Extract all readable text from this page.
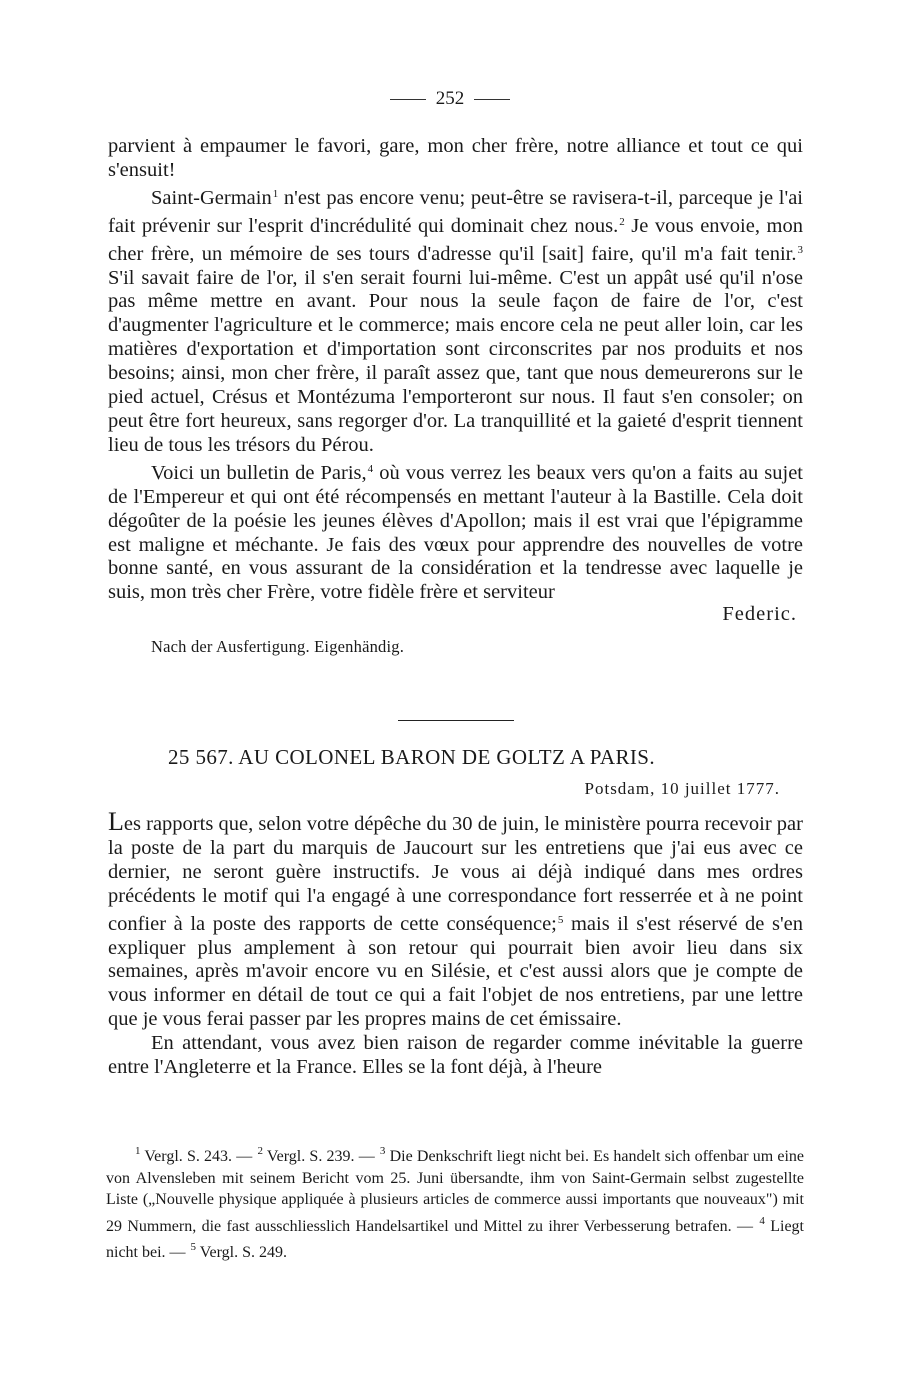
252

parvient à empaumer le favori, gare, mon cher frère, notre alliance et tout ce qui s'ensuit!

Saint-Germain$^1$ n'est pas encore venu; peut-être se ravisera-t-il, parceque je l'ai fait prévenir sur l'esprit d'incrédulité qui dominait chez nous.$^2$ Je vous envoie, mon cher frère, un mémoire de ses tours d'adresse qu'il [sait] faire, qu'il m'a fait tenir.$^3$ S'il savait faire de l'or, il s'en serait fourni lui-même. C'est un appât usé qu'il n'ose pas même mettre en avant. Pour nous la seule façon de faire de l'or, c'est d'augmenter l'agriculture et le commerce; mais encore cela ne peut aller loin, car les matières d'exportation et d'importation sont circonscrites par nos produits et nos besoins; ainsi, mon cher frère, il paraît assez que, tant que nous demeurerons sur le pied actuel, Crésus et Montézuma l'emporteront sur nous. Il faut s'en consoler; on peut être fort heureux, sans regorger d'or. La tranquillité et la gaieté d'esprit tiennent lieu de tous les trésors du Pérou.

Voici un bulletin de Paris,$^4$ où vous verrez les beaux vers qu'on a faits au sujet de l'Empereur et qui ont été récompensés en mettant l'auteur à la Bastille. Cela doit dégoûter de la poésie les jeunes élèves d'Apollon; mais il est vrai que l'épigramme est maligne et méchante. Je fais des vœux pour apprendre des nouvelles de votre bonne santé, en vous assurant de la considération et la tendresse avec laquelle je suis, mon très cher Frère, votre fidèle frère et serviteur

Federic.
Nach der Ausfertigung. Eigenhändig.
25 567. AU COLONEL BARON DE GOLTZ A PARIS.
Potsdam, 10 juillet 1777.

Les rapports que, selon votre dépêche du 30 de juin, le ministère pourra recevoir par la poste de la part du marquis de Jaucourt sur les entretiens que j'ai eus avec ce dernier, ne seront guère instructifs. Je vous ai déjà indiqué dans mes ordres précédents le motif qui l'a engagé à une correspondance fort resserrée et à ne point confier à la poste des rapports de cette conséquence;$^5$ mais il s'est réservé de s'en expliquer plus amplement à son retour qui pourrait bien avoir lieu dans six semaines, après m'avoir encore vu en Silésie, et c'est aussi alors que je compte de vous informer en détail de tout ce qui a fait l'objet de nos entretiens, par une lettre que je vous ferai passer par les propres mains de cet émissaire.

En attendant, vous avez bien raison de regarder comme inévitable la guerre entre l'Angleterre et la France. Elles se la font déjà, à l'heure

$^1$ Vergl. S. 243. — $^2$ Vergl. S. 239. — $^3$ Die Denkschrift liegt nicht bei. Es handelt sich offenbar um eine von Alvensleben mit seinem Bericht vom 25. Juni übersandte, ihm von Saint-Germain selbst zugestellte Liste („Nouvelle physique appliquée à plusieurs articles de commerce aussi importants que nouveaux") mit 29 Nummern, die fast ausschliesslich Handelsartikel und Mittel zu ihrer Verbesserung betrafen. — $^4$ Liegt nicht bei. — $^5$ Vergl. S. 249.
